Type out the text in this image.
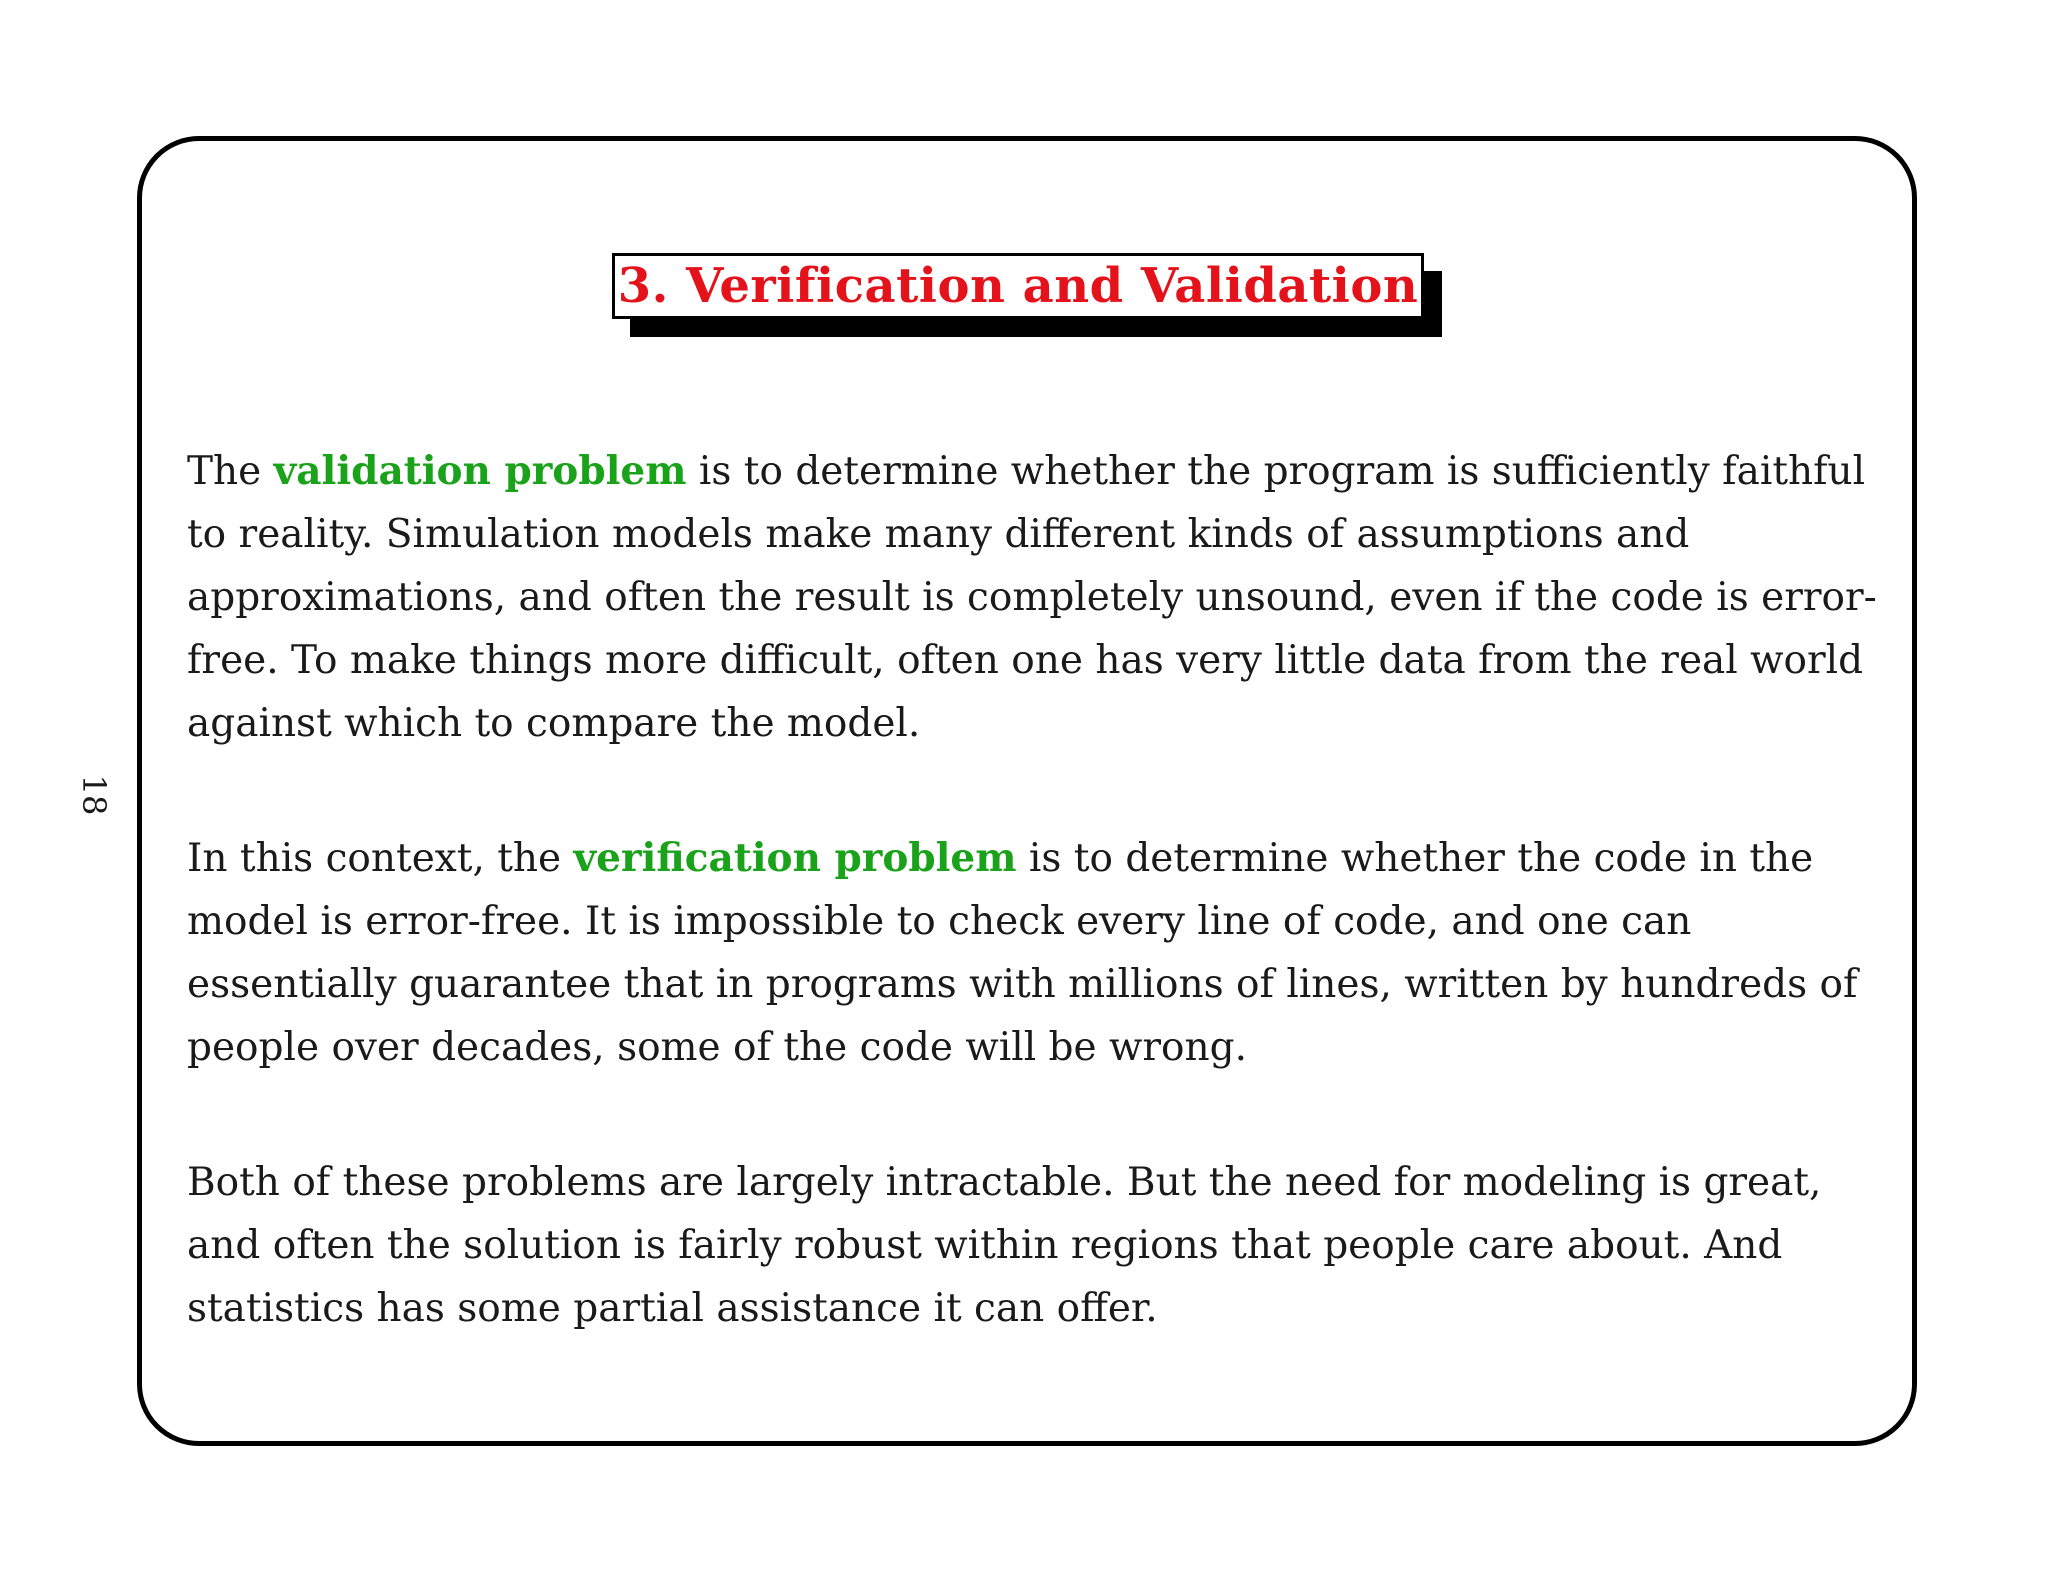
18
3. Verification and Validation

The validation problem is to determine whether the program is sufficiently faithful to reality. Simulation models make many different kinds of assumptions and approximations, and often the result is completely unsound, even if the code is error-free. To make things more difficult, often one has very little data from the real world against which to compare the model.

In this context, the verification problem is to determine whether the code in the model is error-free. It is impossible to check every line of code, and one can essentially guarantee that in programs with millions of lines, written by hundreds of people over decades, some of the code will be wrong.

Both of these problems are largely intractable. But the need for modeling is great, and often the solution is fairly robust within regions that people care about. And statistics has some partial assistance it can offer.
